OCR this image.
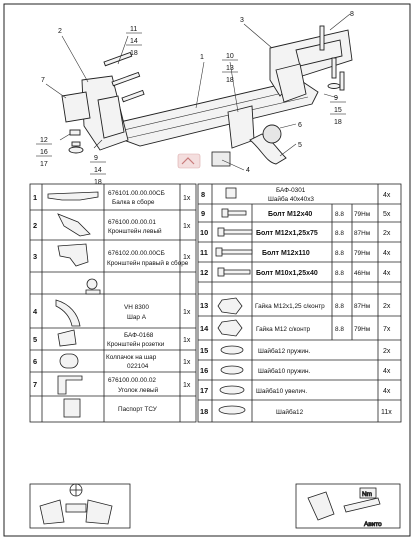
2	11
14
18
7
1	10
13
18
3
8
9
15
18
6
5
4
12
16
17
9
14
18
1
2
3
4
5
6
7
676101.00.00.00СБ
Балка в сборе
676100.00.00.01
Кронштейн левый
676102.00.00.00СБ
Кронштейн правый в сборе
VH 8300
Шар А
БАФ-0168
Кронштейн розетки
Колпачок на шар
022104
676100.00.00.02
Уголок левый
Паспорт ТСУ
1x
1x
1x
1x
1x
1x
1x
8
9
10
11
12
13
14
15
16
17
18
БАФ-0301
Шайба 40x40x3
Болт М12x40
Болт М12x1,25x75
Болт М12x110
Болт М10x1,25x40
Гайка М12x1,25 с/контр
Гайка М12 с/контр
Шайба12 пружин.
Шайба10 пружин.
Шайба10 увелич.
Шайба12
8.8
8.8
8.8
8.8
8.8
8.8
79Нм
87Нм
79Нм
46Нм
87Нм
79Нм
4x
5x
2x
4x
4x
2x
7x
2x
4x
4x
11x
Nm
Авито
